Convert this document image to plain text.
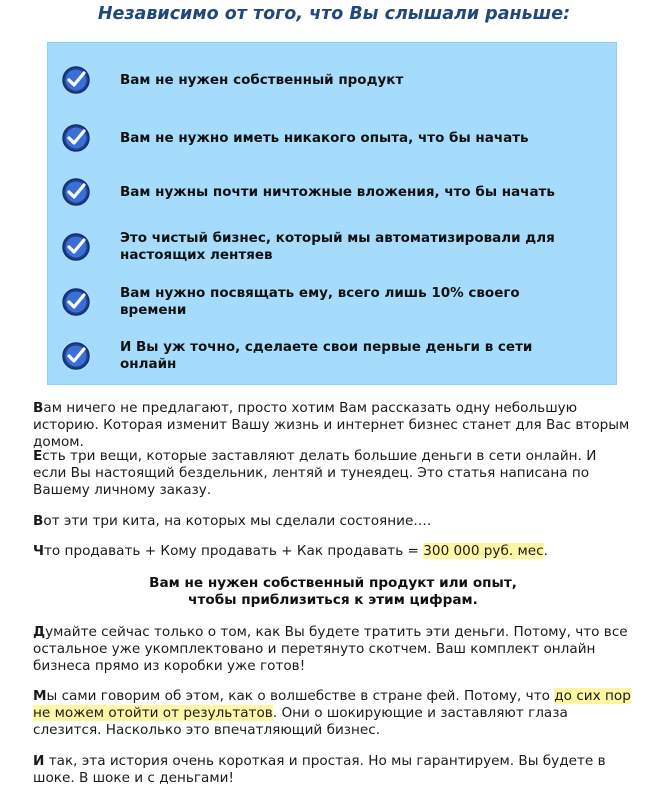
Независимо от того, что Вы слышали раньше:
Вам не нужен собственный продукт
Вам не нужно иметь никакого опыта, что бы начать
Вам нужны почти ничтожные вложения, что бы начать
Это чистый бизнес, который мы автоматизировали для настоящих лентяев
Вам нужно посвящать ему, всего лишь 10% своего времени
И Вы уж точно, сделаете свои первые деньги в сети онлайн

Вам ничего не предлагают, просто хотим Вам рассказать одну небольшую историю. Которая изменит Вашу жизнь и интернет бизнес станет для Вас вторым домом.

Есть три вещи, которые заставляют делать большие деньги в сети онлайн. И если Вы настоящий бездельник, лентяй и тунеядец. Это статья написана по Вашему личному заказу.

Вот эти три кита, на которых мы сделали состояние….

Что продавать + Кому продавать + Как продавать = 300 000 руб. мес.

Вам не нужен собственный продукт или опыт,
чтобы приблизиться к этим цифрам.

Думайте сейчас только о том, как Вы будете тратить эти деньги. Потому, что все остальное уже укомплектовано и перетянуто скотчем. Ваш комплект онлайн бизнеса прямо из коробки уже готов!

Мы сами говорим об этом, как о волшебстве в стране фей. Потому, что до сих пор не можем отойти от результатов. Они о шокирующие и заставляют глаза слезится. Насколько это впечатляющий бизнес.

И так, эта история очень короткая и простая. Но мы гарантируем. Вы будете в шоке. В шоке и с деньгами!
